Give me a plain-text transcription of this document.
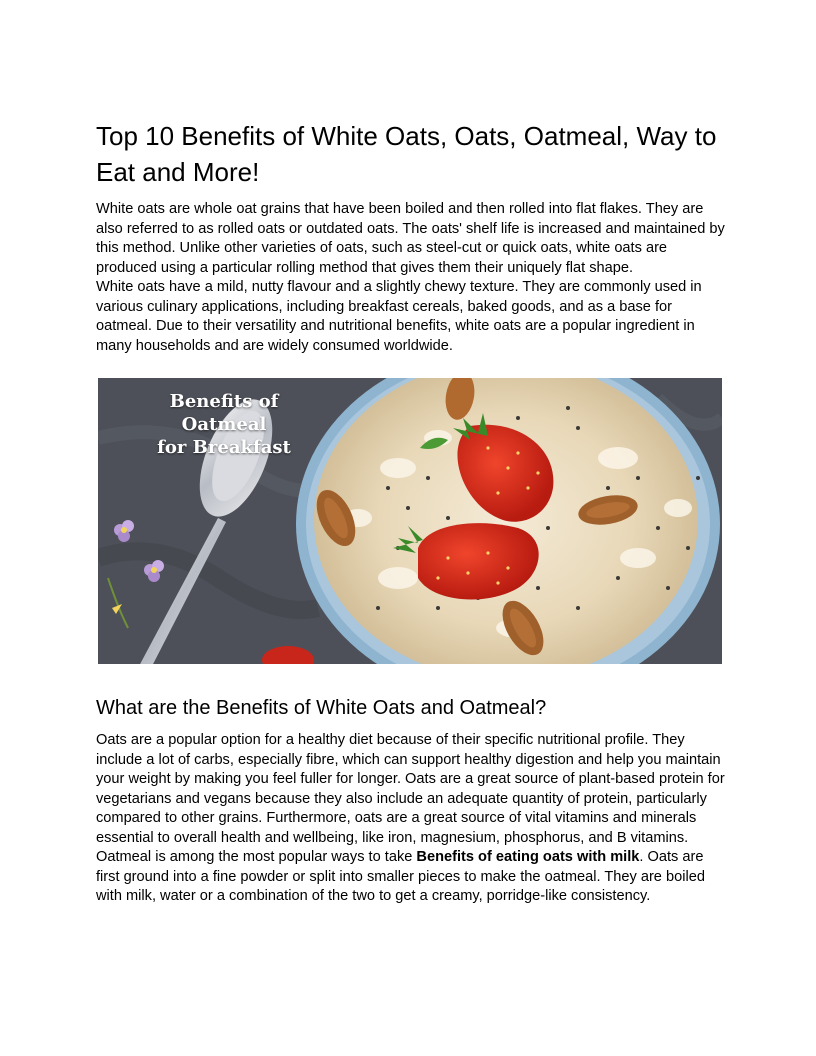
Top 10 Benefits of White Oats, Oats, Oatmeal, Way to Eat and More!

White oats are whole oat grains that have been boiled and then rolled into flat flakes. They are also referred to as rolled oats or outdated oats. The oats' shelf life is increased and maintained by this method. Unlike other varieties of oats, such as steel-cut or quick oats, white oats are produced using a particular rolling method that gives them their uniquely flat shape.

White oats have a mild, nutty flavour and a slightly chewy texture. They are commonly used in various culinary applications, including breakfast cereals, baked goods, and as a base for oatmeal. Due to their versatility and nutritional benefits, white oats are a popular ingredient in many households and are widely consumed worldwide.

Benefits of Oatmeal
for Breakfast
What are the Benefits of White Oats and Oatmeal?

Oats are a popular option for a healthy diet because of their specific nutritional profile. They include a lot of carbs, especially fibre, which can support healthy digestion and help you maintain your weight by making you feel fuller for longer. Oats are a great source of plant-based protein for vegetarians and vegans because they also include an adequate quantity of protein, particularly compared to other grains. Furthermore, oats are a great source of vital vitamins and minerals essential to overall health and wellbeing, like iron, magnesium, phosphorus, and B vitamins.

Oatmeal is among the most popular ways to take Benefits of eating oats with milk. Oats are first ground into a fine powder or split into smaller pieces to make the oatmeal. They are boiled with milk, water or a combination of the two to get a creamy, porridge-like consistency.
